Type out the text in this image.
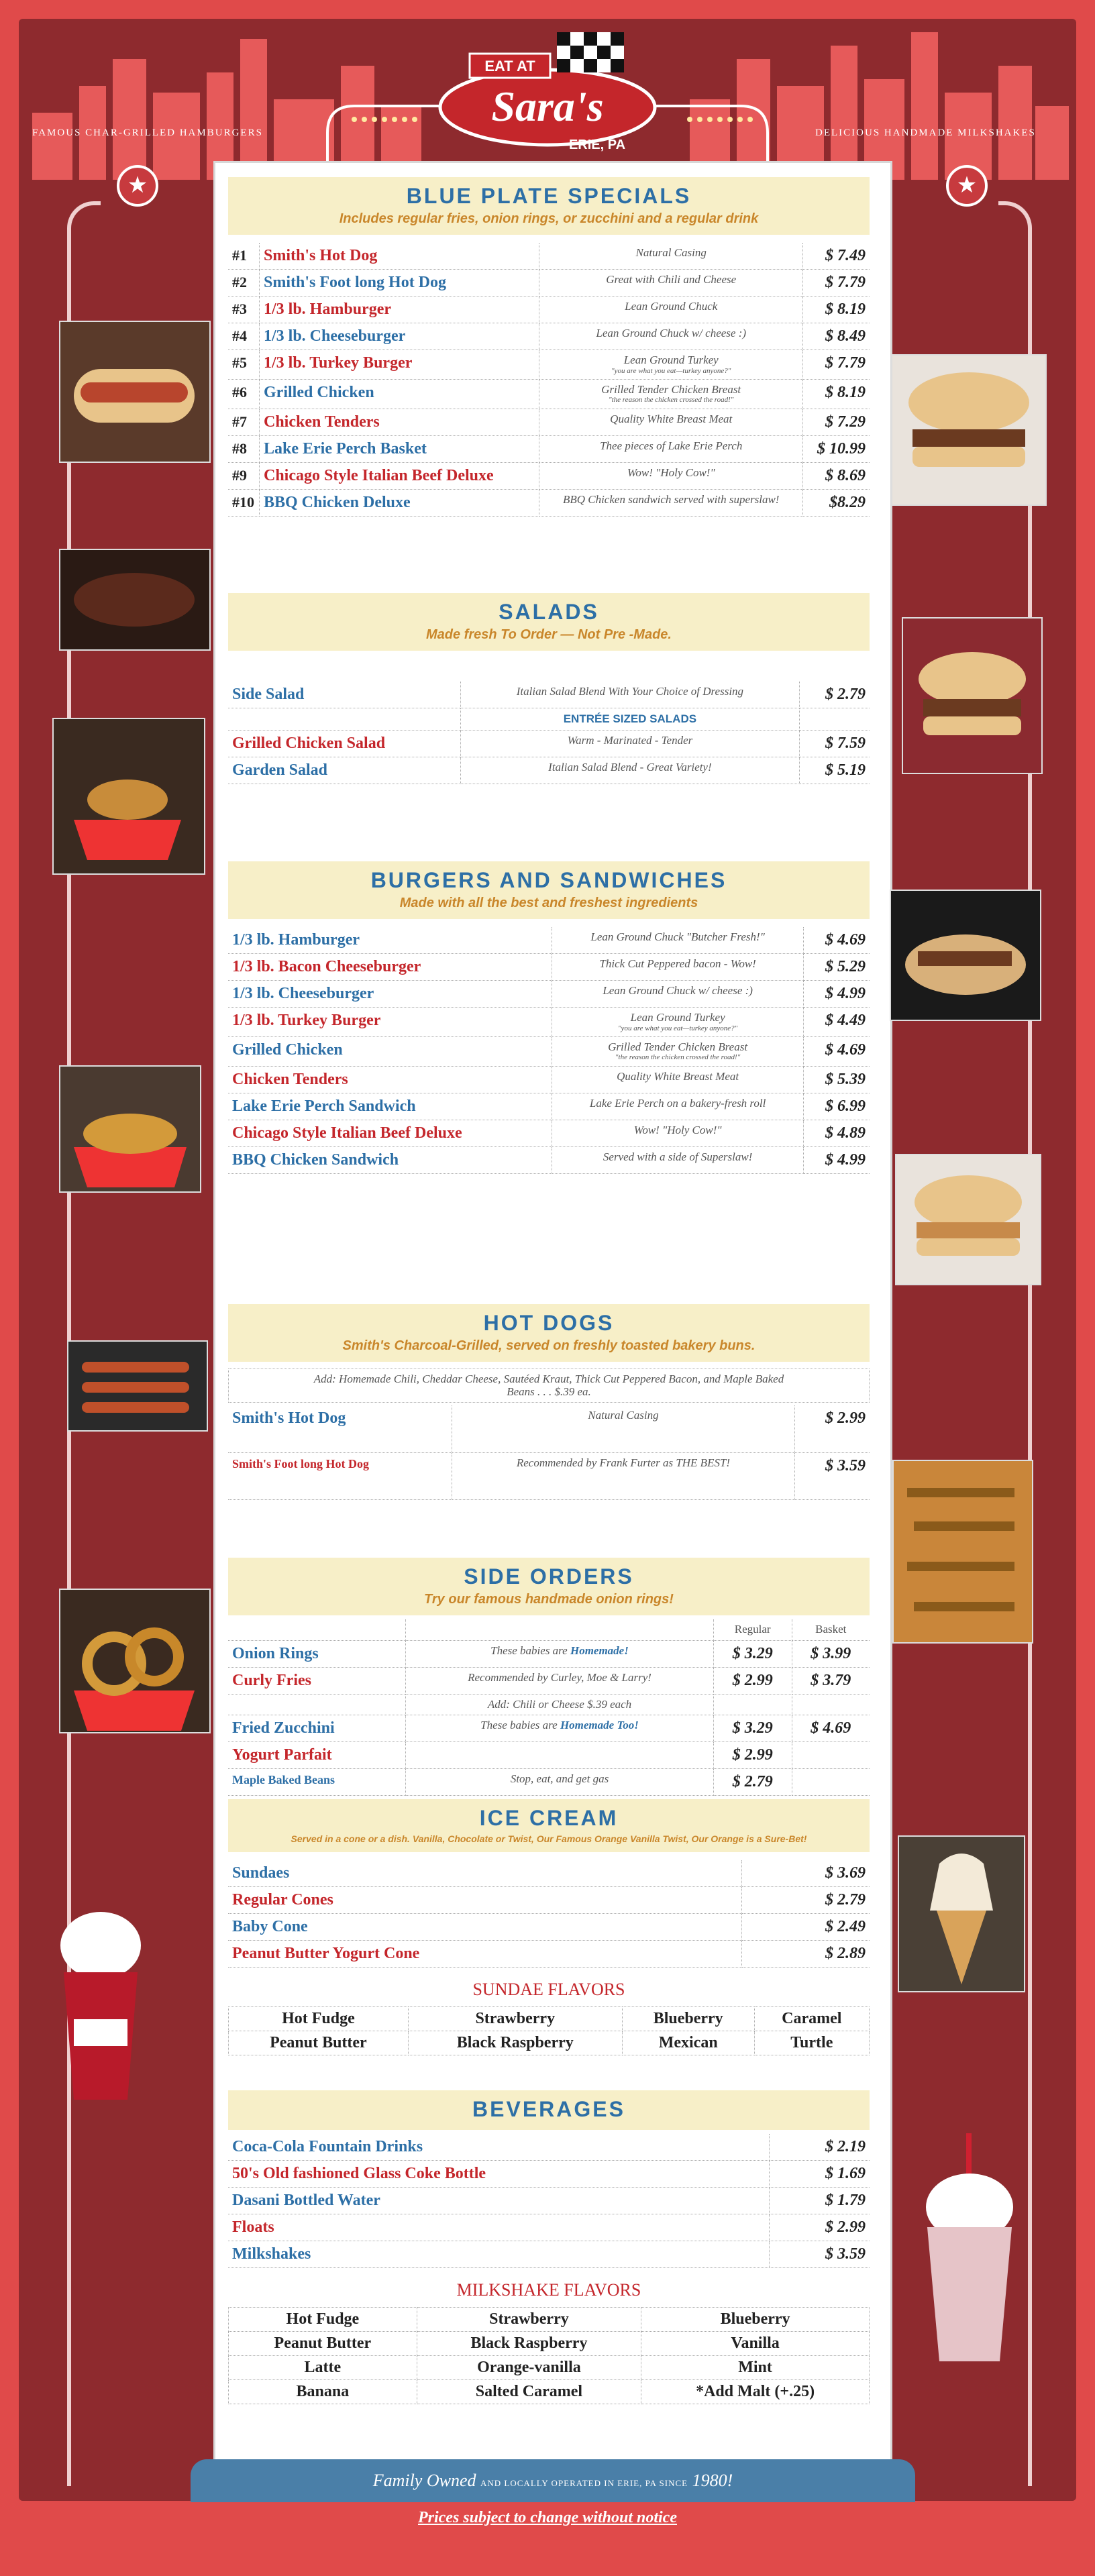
FAMOUS CHAR-GRILLED HAMBURGERS	DELICIOUS HANDMADE MILKSHAKES
EAT AT
Sara's
ERIE, PA
★	★
BLUE PLATE SPECIALS
Includes regular fries, onion rings, or zucchini and a regular drink
#1	Smith's Hot Dog	Natural Casing	$ 7.49
#2	Smith's Foot long Hot Dog	Great with Chili and Cheese	$ 7.79
#3	1/3 lb. Hamburger	Lean Ground Chuck	$ 8.19
#4	1/3 lb. Cheeseburger	Lean Ground Chuck w/ cheese :)	$ 8.49
#5	1/3 lb. Turkey Burger	Lean Ground Turkey
"you are what you eat—turkey anyone?"	$ 7.79
#6	Grilled Chicken	Grilled Tender Chicken Breast
"the reason the chicken crossed the road!"	$ 8.19
#7	Chicken Tenders	Quality White Breast Meat	$ 7.29
#8	Lake Erie Perch Basket	Thee pieces of Lake Erie Perch	$ 10.99
#9	Chicago Style Italian Beef Deluxe	Wow! "Holy Cow!"	$ 8.69
#10	BBQ Chicken Deluxe	BBQ Chicken sandwich served with superslaw!	$8.29
SALADS
Made fresh To Order — Not Pre -Made.
Side Salad	Italian Salad Blend With Your Choice of Dressing	$ 2.79
	ENTRÉE SIZED SALADS	
Grilled Chicken Salad	Warm - Marinated - Tender	$ 7.59
Garden Salad	Italian Salad Blend - Great Variety!	$ 5.19
BURGERS AND SANDWICHES
Made with all the best and freshest ingredients
1/3 lb. Hamburger	Lean Ground Chuck "Butcher Fresh!"	$ 4.69
1/3 lb. Bacon Cheeseburger	Thick Cut Peppered bacon - Wow!	$ 5.29
1/3 lb. Cheeseburger	Lean Ground Chuck w/ cheese :)	$ 4.99
1/3 lb. Turkey Burger	Lean Ground Turkey
"you are what you eat—turkey anyone?"	$ 4.49
Grilled Chicken	Grilled Tender Chicken Breast
"the reason the chicken crossed the road!"	$ 4.69
Chicken Tenders	Quality White Breast Meat	$ 5.39
Lake Erie Perch Sandwich	Lake Erie Perch on a bakery-fresh roll	$ 6.99
Chicago Style Italian Beef Deluxe	Wow! "Holy Cow!"	$ 4.89
BBQ Chicken Sandwich	Served with a side of Superslaw!	$ 4.99
HOT DOGS
Smith's Charcoal-Grilled, served on freshly toasted bakery buns.
Add: Homemade Chili, Cheddar Cheese, Sautéed Kraut, Thick Cut Peppered Bacon, and Maple Baked Beans . . . $.39 ea.
Smith's Hot Dog	Natural Casing	$ 2.99
Smith's Foot long Hot Dog	Recommended by Frank Furter as THE BEST!	$ 3.59
SIDE ORDERS
Try our famous handmade onion rings!
		Regular	Basket
Onion Rings	These babies are Homemade!	$ 3.29	$ 3.99
Curly Fries	Recommended by Curley, Moe & Larry!	$ 2.99	$ 3.79
	Add: Chili or Cheese $.39 each		
Fried Zucchini	These babies are Homemade Too!	$ 3.29	$ 4.69
Yogurt Parfait		$ 2.99	
Maple Baked Beans	Stop, eat, and get gas	$ 2.79	
ICE CREAM
Served in a cone or a dish. Vanilla, Chocolate or Twist, Our Famous Orange Vanilla Twist, Our Orange is a Sure-Bet!
Sundaes	$ 3.69
Regular Cones	$ 2.79
Baby Cone	$ 2.49
Peanut Butter Yogurt Cone	$ 2.89
SUNDAE FLAVORS
Hot Fudge	Strawberry	Blueberry	Caramel
Peanut Butter	Black Raspberry	Mexican	Turtle
BEVERAGES
Coca-Cola Fountain Drinks	$ 2.19
50's Old fashioned Glass Coke Bottle	$ 1.69
Dasani Bottled Water	$ 1.79
Floats	$ 2.99
Milkshakes	$ 3.59
MILKSHAKE FLAVORS
Hot Fudge	Strawberry	Blueberry
Peanut Butter	Black Raspberry	Vanilla
Latte	Orange-vanilla	Mint
Banana	Salted Caramel	*Add Malt (+.25)
Family Owned AND LOCALLY OPERATED IN ERIE, PA SINCE 1980!
Prices subject to change without notice
